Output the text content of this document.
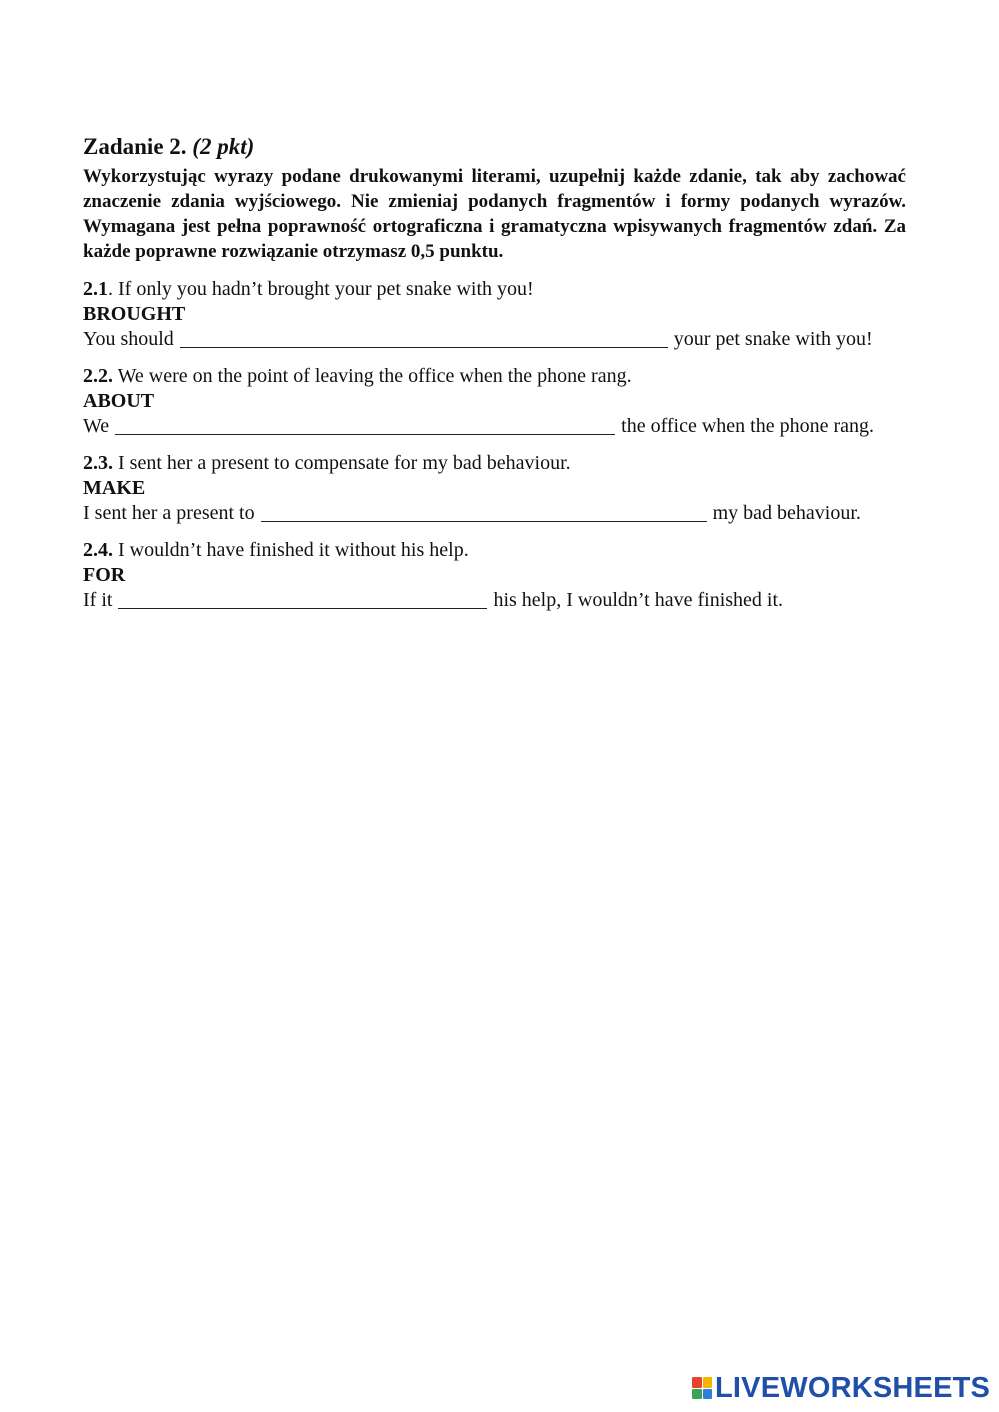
Zadanie 2. (2 pkt)
Wykorzystując wyrazy podane drukowanymi literami, uzupełnij każde zdanie, tak aby zachować znaczenie zdania wyjściowego. Nie zmieniaj podanych fragmentów i formy podanych wyrazów. Wymagana jest pełna poprawność ortograficzna i gramatyczna wpisywanych fragmentów zdań. Za każde poprawne rozwiązanie otrzymasz 0,5 punktu.
2.1. If only you hadn’t brought your pet snake with you!
BROUGHT
You should	your pet snake with you!
2.2. We were on the point of leaving the office when the phone rang.
ABOUT
We	the office when the phone rang.
2.3. I sent her a present to compensate for my bad behaviour.
MAKE
I sent her a present to	my bad behaviour.
2.4. I wouldn’t have finished it without his help.
FOR
If it	his help, I wouldn’t have finished it.
LIVEWORKSHEETS
